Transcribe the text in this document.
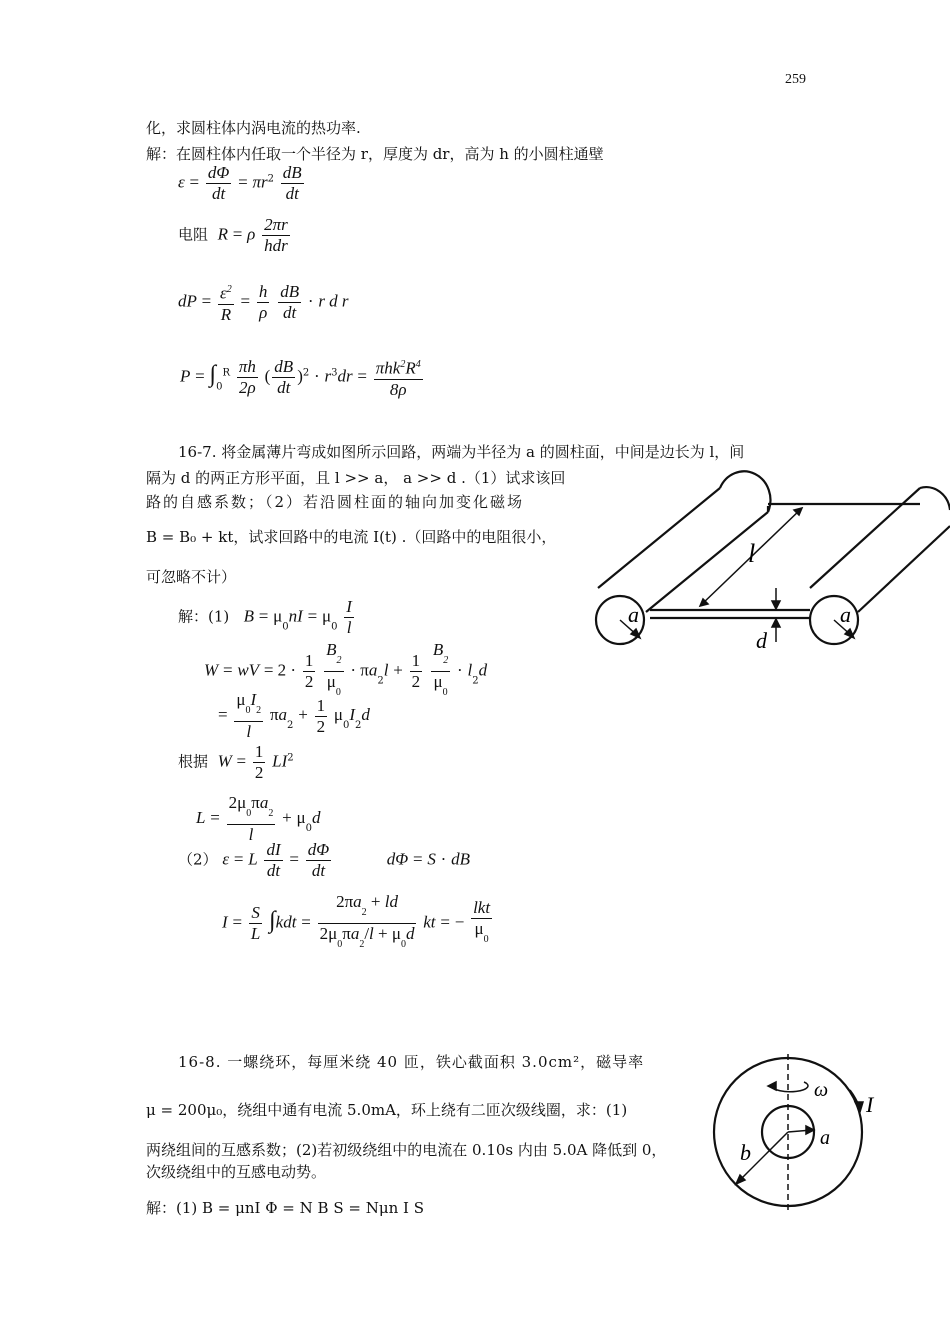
259
化，求圆柱体内涡电流的热功率.
解：在圆柱体内任取一个半径为 r，厚度为 dr，高为 h 的小圆柱通壁
$\varepsilon = \frac{d\Phi}{dt} = \pi r^2 \frac{dB}{dt}$
电阻 R = ρ $\frac{2\pi r}{\text{hdr}}$
dP = $\frac{\varepsilon^2}{R} = \frac{h}{\rho}$
$\frac{dB}{dt} \cdot r$ d r
$P = \int_0^R \frac{\pi h}{2\rho}$ ( $\frac{dB}{dt} )^2 \cdot r^3dr = \frac{\pi hk^2R^4}{8\rho}$
16-7. 将金属薄片弯成如图所示回路，两端为半径为 a 的圆柱面，中间是边长为 l，间
隔为 d 的两正方形平面，且 l >> a， a >> d .（1）试求该回
路的自感系数；（2）若沿圆柱面的轴向加变化磁场
B = B₀ + kt，试求回路中的电流 I(t) .（回路中的电阻很小，
可忽略不计）
解：(1) $B = \mu_0nI = \mu_0 \frac{I}{l}$
W = wV = $2 \cdot \frac{1}{2}$
$\frac{B_2}{\mu_0} \cdot \pi a_2l + \frac{1}{2}$
$\frac{B_2}{\mu_0} \cdot l_2d$
= $\frac{\mu_0I_2}{l} \pi a_2 + \frac{1}{2} \mu_0I_2d$
根据 $W = \frac{1}{2} LI^2$
$L = \frac{2\mu_0\pi a_2}{l} + \mu_0d$
（2） ε = L $\frac{dI}{dt} = \frac{d\Phi}{dt}$	dΦ = S · dB
$I = \frac{S}{L} \int kdt = \frac{2\pi a_2 + ld}{2\mu_0\pi a_2/l + \mu_0d}$ kt = − $\frac{\text{lkt}}{\mu_0}$
l
a	a
d
16-8. 一螺绕环，每厘米绕 40 匝，铁心截面积 3.0cm²，磁导率
μ = 200μ₀，绕组中通有电流 5.0mA，环上绕有二匝次级线圈，求：(1)
两绕组间的互感系数；(2)若初级绕组中的电流在 0.10s 内由 5.0A 降低到 0，
次级绕组中的互感电动势。
解：(1) B = μnI Φ = N B S = Nμn I S
ω
I
a
b
